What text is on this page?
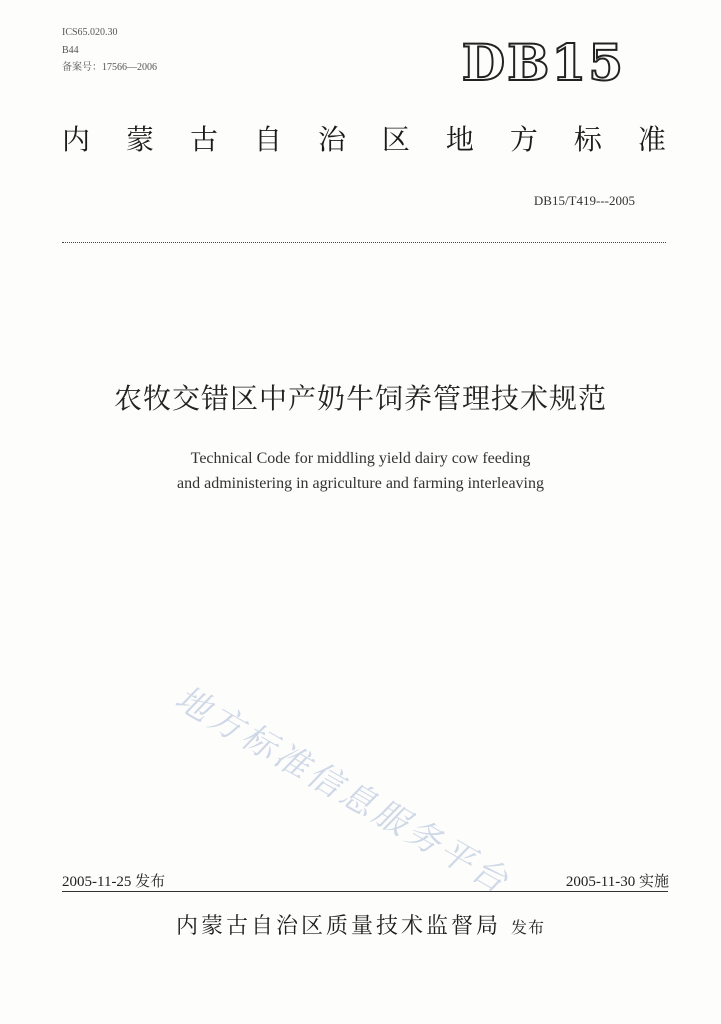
ICS65.020.30
B44
备案号：17566—2006	DB15
内 蒙 古 自 治 区 地 方 标 准
DB15/T419---2005
农牧交错区中产奶牛饲养管理技术规范
Technical Code for middling yield dairy cow feeding
and administering in agriculture and farming interleaving
地方标准信息服务平台
2005-11-25 发布	2005-11-30 实施
内蒙古自治区质量技术监督局 发布
